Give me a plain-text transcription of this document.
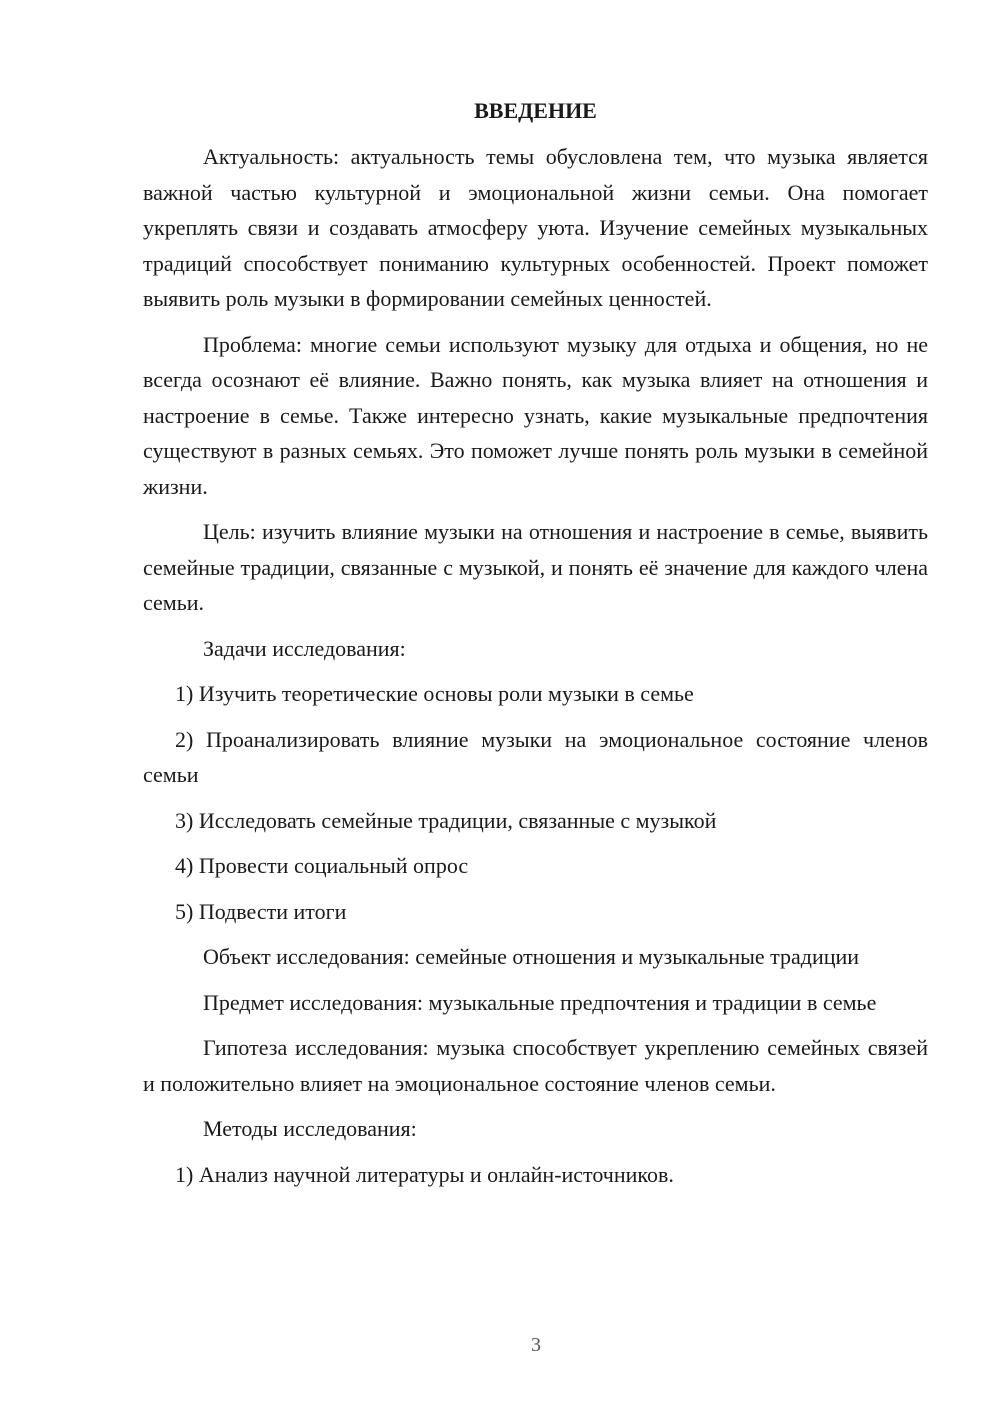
ВВЕДЕНИЕ

Актуальность: актуальность темы обусловлена тем, что музыка является важной частью культурной и эмоциональной жизни семьи. Она помогает укреплять связи и создавать атмосферу уюта. Изучение семейных музыкальных традиций способствует пониманию культурных особенностей. Проект поможет выявить роль музыки в формировании семейных ценностей.

Проблема: многие семьи используют музыку для отдыха и общения, но не всегда осознают её влияние. Важно понять, как музыка влияет на отношения и настроение в семье. Также интересно узнать, какие музыкальные предпочтения существуют в разных семьях. Это поможет лучше понять роль музыки в семейной жизни.

Цель: изучить влияние музыки на отношения и настроение в семье, выявить семейные традиции, связанные с музыкой, и понять её значение для каждого члена семьи.

Задачи исследования:

1) Изучить теоретические основы роли музыки в семье

2) Проанализировать влияние музыки на эмоциональное состояние членов семьи

3) Исследовать семейные традиции, связанные с музыкой

4) Провести социальный опрос

5) Подвести итоги

Объект исследования: семейные отношения и музыкальные традиции

Предмет исследования: музыкальные предпочтения и традиции в семье

Гипотеза исследования: музыка способствует укреплению семейных связей и положительно влияет на эмоциональное состояние членов семьи.

Методы исследования:

1) Анализ научной литературы и онлайн-источников.

3
